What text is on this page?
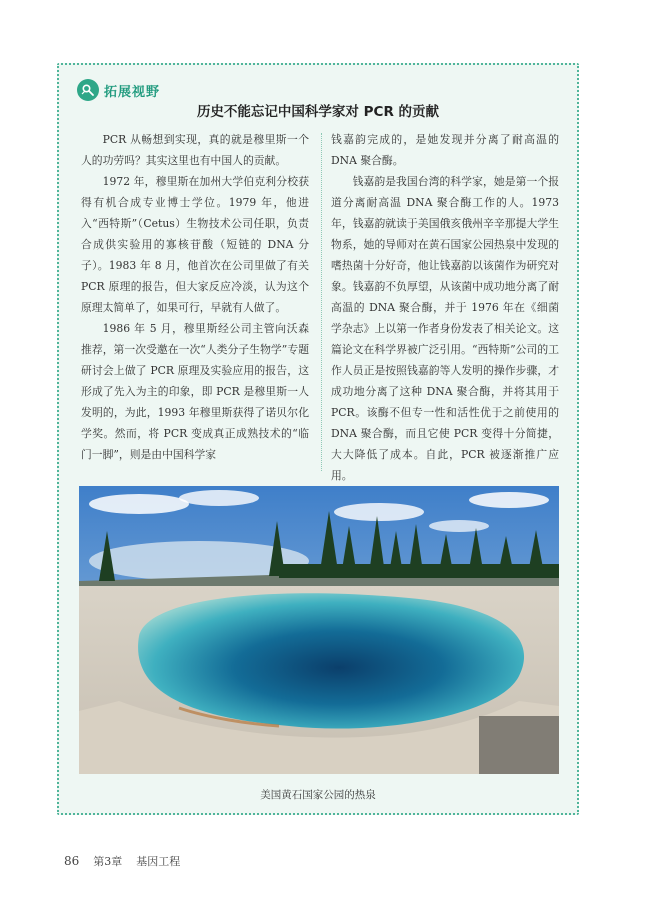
拓展视野
历史不能忘记中国科学家对 PCR 的贡献

PCR 从畅想到实现，真的就是穆里斯一个人的功劳吗？其实这里也有中国人的贡献。

1972 年，穆里斯在加州大学伯克利分校获得有机合成专业博士学位。1979 年，他进入“西特斯”（Cetus）生物技术公司任职，负责合成供实验用的寡核苷酸（短链的 DNA 分子）。1983 年 8 月，他首次在公司里做了有关 PCR 原理的报告，但大家反应冷淡，认为这个原理太简单了，如果可行，早就有人做了。

1986 年 5 月，穆里斯经公司主管向沃森推荐，第一次受邀在一次“人类分子生物学”专题研讨会上做了 PCR 原理及实验应用的报告，这形成了先入为主的印象，即 PCR 是穆里斯一人发明的，为此，1993 年穆里斯获得了诺贝尔化学奖。然而，将 PCR 变成真正成熟技术的“临门一脚”，则是由中国科学家

钱嘉韵完成的，是她发现并分离了耐高温的 DNA 聚合酶。

钱嘉韵是我国台湾的科学家，她是第一个报道分离耐高温 DNA 聚合酶工作的人。1973 年，钱嘉韵就读于美国俄亥俄州辛辛那提大学生物系，她的导师对在黄石国家公园热泉中发现的嗜热菌十分好奇，他让钱嘉韵以该菌作为研究对象。钱嘉韵不负厚望，从该菌中成功地分离了耐高温的 DNA 聚合酶，并于 1976 年在《细菌学杂志》上以第一作者身份发表了相关论文。这篇论文在科学界被广泛引用。“西特斯”公司的工作人员正是按照钱嘉韵等人发明的操作步骤，才成功地分离了这种 DNA 聚合酶，并将其用于 PCR。该酶不但专一性和活性优于之前使用的 DNA 聚合酶，而且它使 PCR 变得十分简捷，大大降低了成本。自此，PCR 被逐渐推广应用。

美国黄石国家公园的热泉
86 第3章 基因工程
